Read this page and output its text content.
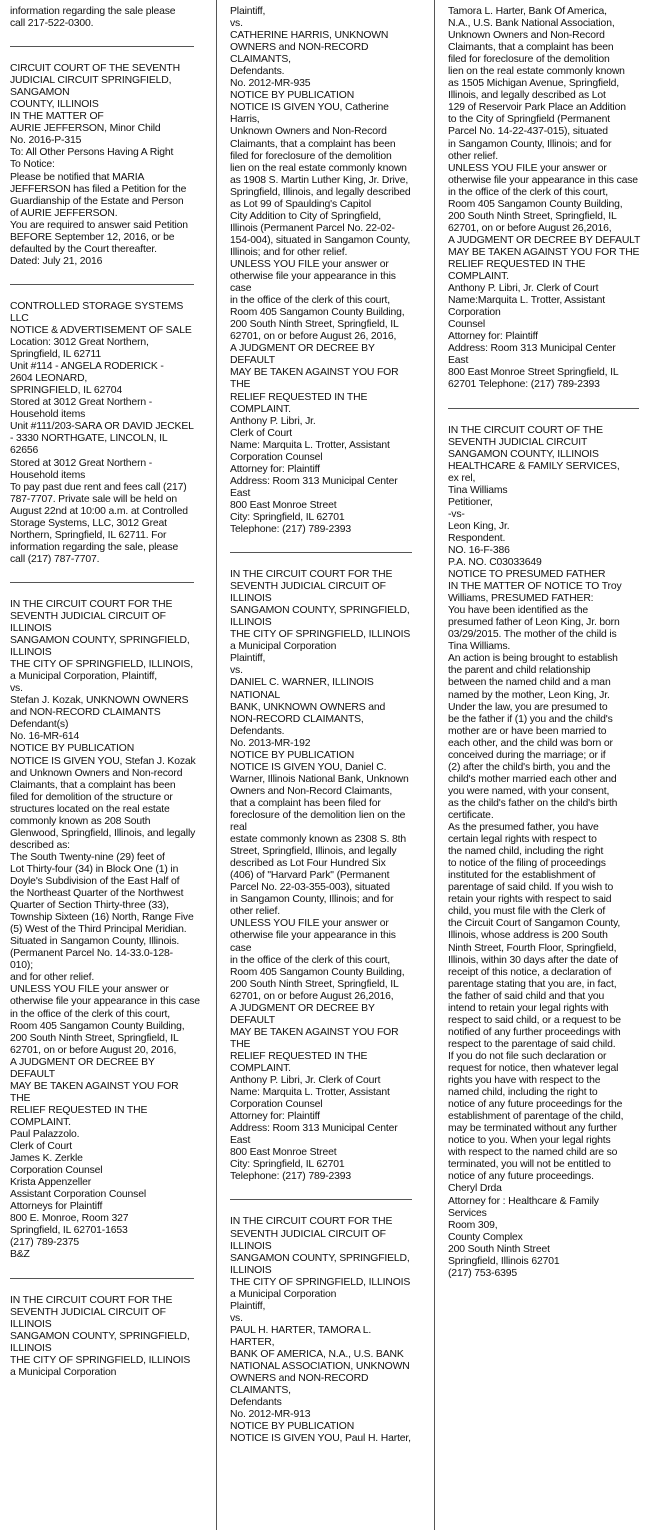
information regarding the sale please
call 217-522-0300.

CIRCUIT COURT OF THE SEVENTH JUDICIAL CIRCUIT SPRINGFIELD, SANGAMON
COUNTY, ILLINOIS
IN THE MATTER OF
AURIE JEFFERSON, Minor Child
No. 2016-P-315
To: All Other Persons Having A Right
To Notice:
Please be notified that MARIA JEFFERSON has filed a Petition for the
Guardianship of the Estate and Person
of AURIE JEFFERSON.
You are required to answer said Petition
BEFORE September 12, 2016, or be
defaulted by the Court thereafter.
Dated: July 21, 2016

CONTROLLED STORAGE SYSTEMS
LLC
NOTICE & ADVERTISEMENT OF SALE
Location: 3012 Great Northern, Springfield, IL 62711
Unit #114 - ANGELA RODERICK -
2604 LEONARD,
SPRINGFIELD, IL 62704
Stored at 3012 Great Northern - Household items
Unit #111/203-SARA OR DAVID JECKEL
- 3330 NORTHGATE, LINCOLN, IL
62656
Stored at 3012 Great Northern - Household items
To pay past due rent and fees call (217)
787-7707. Private sale will be held on
August 22nd at 10:00 a.m. at Controlled
Storage Systems, LLC, 3012 Great
Northern, Springfield, IL 62711. For
information regarding the sale, please
call (217) 787-7707.

IN THE CIRCUIT COURT FOR THE SEVENTH JUDICIAL CIRCUIT OF ILLINOIS
SANGAMON COUNTY, SPRINGFIELD,
ILLINOIS
THE CITY OF SPRINGFIELD, ILLINOIS,
a Municipal Corporation, Plaintiff,
vs.
Stefan J. Kozak, UNKNOWN OWNERS
and NON-RECORD CLAIMANTS
Defendant(s)
No. 16-MR-614
NOTICE BY PUBLICATION
NOTICE IS GIVEN YOU, Stefan J. Kozak
and Unknown Owners and Non-record
Claimants, that a complaint has been
filed for demolition of the structure or
structures located on the real estate
commonly known as 208 South Glenwood, Springfield, Illinois, and legally
described as:
The South Twenty-nine (29) feet of
Lot Thirty-four (34) in Block One (1) in
Doyle's Subdivision of the East Half of
the Northeast Quarter of the Northwest
Quarter of Section Thirty-three (33),
Township Sixteen (16) North, Range Five
(5) West of the Third Principal Meridian.
Situated in Sangamon County, Illinois.
(Permanent Parcel No. 14-33.0-128-
010);
and for other relief.
UNLESS YOU FILE your answer or otherwise file your appearance in this case
in the office of the clerk of this court,
Room 405 Sangamon County Building,
200 South Ninth Street, Springfield, IL
62701, on or before August 20, 2016,
A JUDGMENT OR DECREE BY DEFAULT
MAY BE TAKEN AGAINST YOU FOR THE
RELIEF REQUESTED IN THE COMPLAINT.
Paul Palazzolo.
Clerk of Court
James K. Zerkle
Corporation Counsel
Krista Appenzeller
Assistant Corporation Counsel
Attorneys for Plaintiff
800 E. Monroe, Room 327
Springfield, IL 62701-1653
(217) 789-2375
B&Z

IN THE CIRCUIT COURT FOR THE
SEVENTH JUDICIAL CIRCUIT OF ILLINOIS
SANGAMON COUNTY, SPRINGFIELD,
ILLINOIS
THE CITY OF SPRINGFIELD, ILLINOIS
a Municipal Corporation

Plaintiff,
vs.
CATHERINE HARRIS, UNKNOWN
OWNERS and NON-RECORD CLAIMANTS,
Defendants.
No. 2012-MR-935
NOTICE BY PUBLICATION
NOTICE IS GIVEN YOU, Catherine Harris,
Unknown Owners and Non-Record
Claimants, that a complaint has been
filed for foreclosure of the demolition
lien on the real estate commonly known
as 1908 S. Martin Luther King, Jr. Drive,
Springfield, Illinois, and legally described as Lot 99 of Spaulding's Capitol
City Addition to City of Springfield,
Illinois (Permanent Parcel No. 22-02-
154-004), situated in Sangamon County,
Illinois; and for other relief.
UNLESS YOU FILE your answer or otherwise file your appearance in this case
in the office of the clerk of this court,
Room 405 Sangamon County Building,
200 South Ninth Street, Springfield, IL
62701, on or before August 26, 2016,
A JUDGMENT OR DECREE BY DEFAULT
MAY BE TAKEN AGAINST YOU FOR THE
RELIEF REQUESTED IN THE COMPLAINT.
Anthony P. Libri, Jr.
Clerk of Court
Name: Marquita L. Trotter, Assistant
Corporation Counsel
Attorney for: Plaintiff
Address: Room 313 Municipal Center
East
800 East Monroe Street
City: Springfield, IL 62701
Telephone: (217) 789-2393

IN THE CIRCUIT COURT FOR THE
SEVENTH JUDICIAL CIRCUIT OF ILLINOIS
SANGAMON COUNTY, SPRINGFIELD,
ILLINOIS
THE CITY OF SPRINGFIELD, ILLINOIS
a Municipal Corporation
Plaintiff,
vs.
DANIEL C. WARNER, ILLINOIS NATIONAL
BANK, UNKNOWN OWNERS and
NON-RECORD CLAIMANTS,
Defendants.
No. 2013-MR-192
NOTICE BY PUBLICATION
NOTICE IS GIVEN YOU, Daniel C. Warner, Illinois National Bank, Unknown
Owners and Non-Record Claimants,
that a complaint has been filed for foreclosure of the demolition lien on the real
estate commonly known as 2308 S. 8th
Street, Springfield, Illinois, and legally
described as Lot Four Hundred Six
(406) of "Harvard Park" (Permanent
Parcel No. 22-03-355-003), situated
in Sangamon County, Illinois; and for
other relief.
UNLESS YOU FILE your answer or otherwise file your appearance in this case
in the office of the clerk of this court,
Room 405 Sangamon County Building,
200 South Ninth Street, Springfield, IL
62701, on or before August 26,2016,
A JUDGMENT OR DECREE BY DEFAULT
MAY BE TAKEN AGAINST YOU FOR THE
RELIEF REQUESTED IN THE COMPLAINT.
Anthony P. Libri, Jr. Clerk of Court
Name: Marquita L. Trotter, Assistant
Corporation Counsel
Attorney for: Plaintiff
Address: Room 313 Municipal Center
East
800 East Monroe Street
City: Springfield, IL 62701
Telephone: (217) 789-2393

IN THE CIRCUIT COURT FOR THE
SEVENTH JUDICIAL CIRCUIT OF ILLINOIS
SANGAMON COUNTY, SPRINGFIELD,
ILLINOIS
THE CITY OF SPRINGFIELD, ILLINOIS
a Municipal Corporation
Plaintiff,
vs.
PAUL H. HARTER, TAMORA L. HARTER,
BANK OF AMERICA, N.A., U.S. BANK
NATIONAL ASSOCIATION, UNKNOWN
OWNERS and NON-RECORD CLAIMANTS,
Defendants
No. 2012-MR-913
NOTICE BY PUBLICATION
NOTICE IS GIVEN YOU, Paul H. Harter,

Tamora L. Harter, Bank Of America,
N.A., U.S. Bank National Association,
Unknown Owners and Non-Record
Claimants, that a complaint has been
filed for foreclosure of the demolition
lien on the real estate commonly known
as 1505 Michigan Avenue, Springfield,
Illinois, and legally described as Lot
129 of Reservoir Park Place an Addition
to the City of Springfield (Permanent
Parcel No. 14-22-437-015), situated
in Sangamon County, Illinois; and for
other relief.
UNLESS YOU FILE your answer or otherwise file your appearance in this case
in the office of the clerk of this court,
Room 405 Sangamon County Building,
200 South Ninth Street, Springfield, IL
62701, on or before August 26,2016,
A JUDGMENT OR DECREE BY DEFAULT
MAY BE TAKEN AGAINST YOU FOR THE
RELIEF REQUESTED IN THE COMPLAINT.
Anthony P. Libri, Jr. Clerk of Court
Name:Marquita L. Trotter, Assistant
Corporation
Counsel
Attorney for: Plaintiff
Address: Room 313 Municipal Center
East
800 East Monroe Street Springfield, IL
62701 Telephone: (217) 789-2393

IN THE CIRCUIT COURT OF THE SEVENTH JUDICIAL CIRCUIT
SANGAMON COUNTY, ILLINOIS
HEALTHCARE & FAMILY SERVICES,
ex rel,
Tina Williams
Petitioner,
-vs-
Leon King, Jr.
Respondent.
NO. 16-F-386
P.A. NO. C03033649
NOTICE TO PRESUMED FATHER
IN THE MATTER OF NOTICE TO Troy
Williams, PRESUMED FATHER:
You have been identified as the
presumed father of Leon King, Jr. born
03/29/2015. The mother of the child is
Tina Williams.
An action is being brought to establish
the parent and child relationship
between the named child and a man
named by the mother, Leon King, Jr.
Under the law, you are presumed to
be the father if (1) you and the child's
mother are or have been married to
each other, and the child was born or
conceived during the marriage; or if
(2) after the child's birth, you and the
child's mother married each other and
you were named, with your consent,
as the child's father on the child's birth
certificate.
As the presumed father, you have
certain legal rights with respect to
the named child, including the right
to notice of the filing of proceedings
instituted for the establishment of
parentage of said child. If you wish to
retain your rights with respect to said
child, you must file with the Clerk of
the Circuit Court of Sangamon County,
Illinois, whose address is 200 South
Ninth Street, Fourth Floor, Springfield,
Illinois, within 30 days after the date of
receipt of this notice, a declaration of
parentage stating that you are, in fact,
the father of said child and that you
intend to retain your legal rights with
respect to said child, or a request to be
notified of any further proceedings with
respect to the parentage of said child.
If you do not file such declaration or
request for notice, then whatever legal
rights you have with respect to the
named child, including the right to
notice of any future proceedings for the
establishment of parentage of the child,
may be terminated without any further
notice to you. When your legal rights
with respect to the named child are so
terminated, you will not be entitled to
notice of any future proceedings.
Cheryl Drda
Attorney for : Healthcare & Family
Services
Room 309,
County Complex
200 South Ninth Street
Springfield, Illinois 62701
(217) 753-6395
